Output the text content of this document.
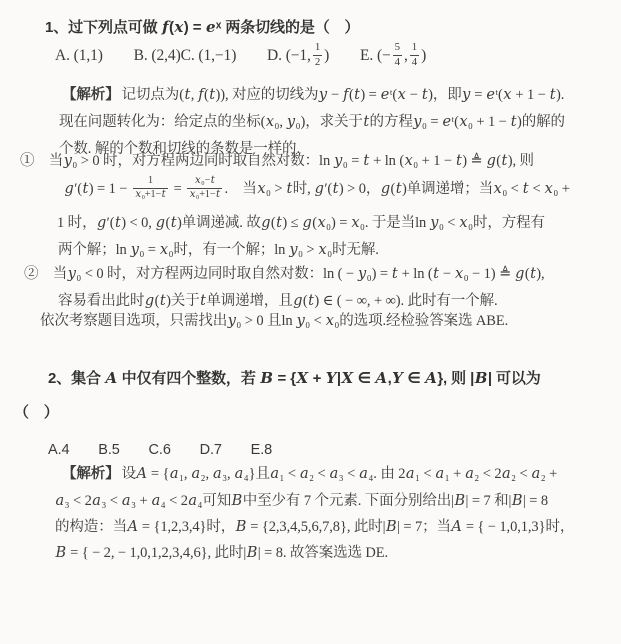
1、过下列点可做 f(x) = eˣ 两条切线的是（　）
A. (1,1)　　B. (2,4)C. (1,−1)　　D. (−1, $\frac{1}{2}$ )　　E. (− $\frac{5}{4}$ , $\frac{1}{4}$ )
【解析】 记切点为(t, f(t)), 对应的切线为y − f(t) = eᵗ(x − t)，即y = eᵗ(x + 1 − t).
现在问题转化为：给定点的坐标(x₀, y₀)，求关于t的方程y₀ = eᵗ(x₀ + 1 − t)的解的
个数. 解的个数和切线的条数是一样的.
①　当y₀ > 0 时，对方程两边同时取自然对数：ln y₀ = t + ln (x₀ + 1 − t) ≜ g(t), 则
$g'(t) = 1 - \frac{1}{\text{x₀+1−t}} = \frac{\text{x₀−t}}{\text{x₀+1−t}}$ .　当x₀ > t时, g′(t) > 0，g(t)单调递增；当x₀ < t < x₀ +
1 时，g′(t) < 0, g(t)单调递减. 故g(t) ≤ g(x₀) = x₀. 于是当ln y₀ < x₀时，方程有
两个解；ln y₀ = x₀时，有一个解；ln y₀ > x₀时无解.
②　当y₀ < 0 时，对方程两边同时取自然对数：ln ( − y₀) = t + ln (t − x₀ − 1) ≜ g(t),
容易看出此时g(t)关于t单调递增，且g(t) ∈ ( − ∞, + ∞). 此时有一个解.
依次考察题目选项，只需找出y₀ > 0 且ln y₀ < x₀的选项.经检验答案选 ABE.
2、集合 A 中仅有四个整数，若 B = {X + Y|X ∈ A,Y ∈ A}, 则 |B| 可以为
（　）
A.4　　B.5　　C.6　　D.7　　E.8
【解析】 设A = {a₁, a₂, a₃, a₄}且a₁ < a₂ < a₃ < a₄. 由 2a₁ < a₁ + a₂ < 2a₂ < a₂ +
a₃ < 2a₃ < a₃ + a₄ < 2a₄可知B中至少有 7 个元素. 下面分别给出|B| = 7 和|B| = 8
的构造：当A = {1,2,3,4}时，B = {2,3,4,5,6,7,8}, 此时|B| = 7；当A = { − 1,0,1,3}时，
B = { − 2, − 1,0,1,2,3,4,6}, 此时|B| = 8. 故答案选选 DE.
